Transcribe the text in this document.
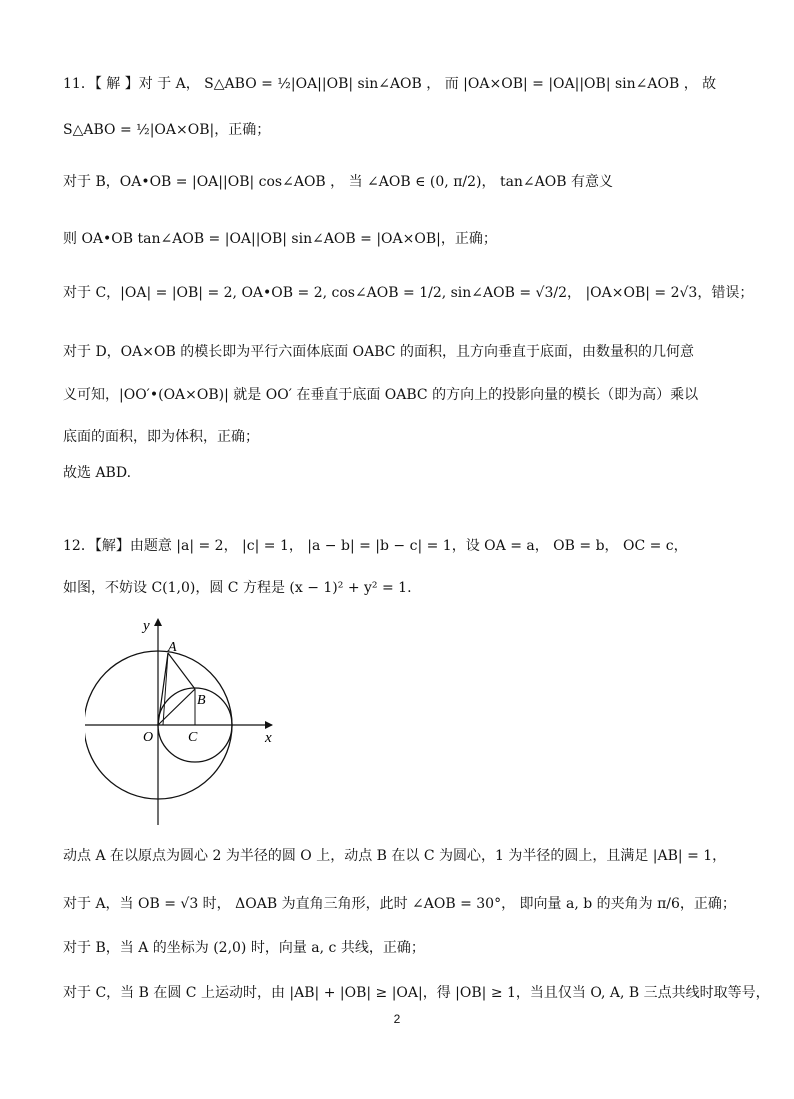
11．【 解 】对 于 A， S△ABO = ½|OA||OB| sin∠AOB ， 而 |OA×OB| = |OA||OB| sin∠AOB ， 故
S△ABO = ½|OA×OB|，正确；
对于 B，OA•OB = |OA||OB| cos∠AOB ， 当 ∠AOB ∈ (0, π/2)， tan∠AOB 有意义
则 OA•OB tan∠AOB = |OA||OB| sin∠AOB = |OA×OB|，正确；
对于 C，|OA| = |OB| = 2, OA•OB = 2, cos∠AOB = 1/2, sin∠AOB = √3/2， |OA×OB| = 2√3，错误；
对于 D，OA×OB 的模长即为平行六面体底面 OABC 的面积，且方向垂直于底面，由数量积的几何意
义可知，|OO′•(OA×OB)| 就是 OO′ 在垂直于底面 OABC 的方向上的投影向量的模长（即为高）乘以
底面的面积，即为体积，正确；
故选 ABD.
12．【解】由题意 |a| = 2， |c| = 1， |a − b| = |b − c| = 1，设 OA = a， OB = b， OC = c，
如图，不妨设 C(1,0)，圆 C 方程是 (x − 1)² + y² = 1.
y
x
O
A
B
C
动点 A 在以原点为圆心 2 为半径的圆 O 上，动点 B 在以 C 为圆心，1 为半径的圆上，且满足 |AB| = 1，
对于 A，当 OB = √3 时， ΔOAB 为直角三角形，此时 ∠AOB = 30°， 即向量 a, b 的夹角为 π/6，正确；
对于 B，当 A 的坐标为 (2,0) 时，向量 a, c 共线，正确；
对于 C，当 B 在圆 C 上运动时，由 |AB| + |OB| ≥ |OA|，得 |OB| ≥ 1，当且仅当 O, A, B 三点共线时取等号，
2
